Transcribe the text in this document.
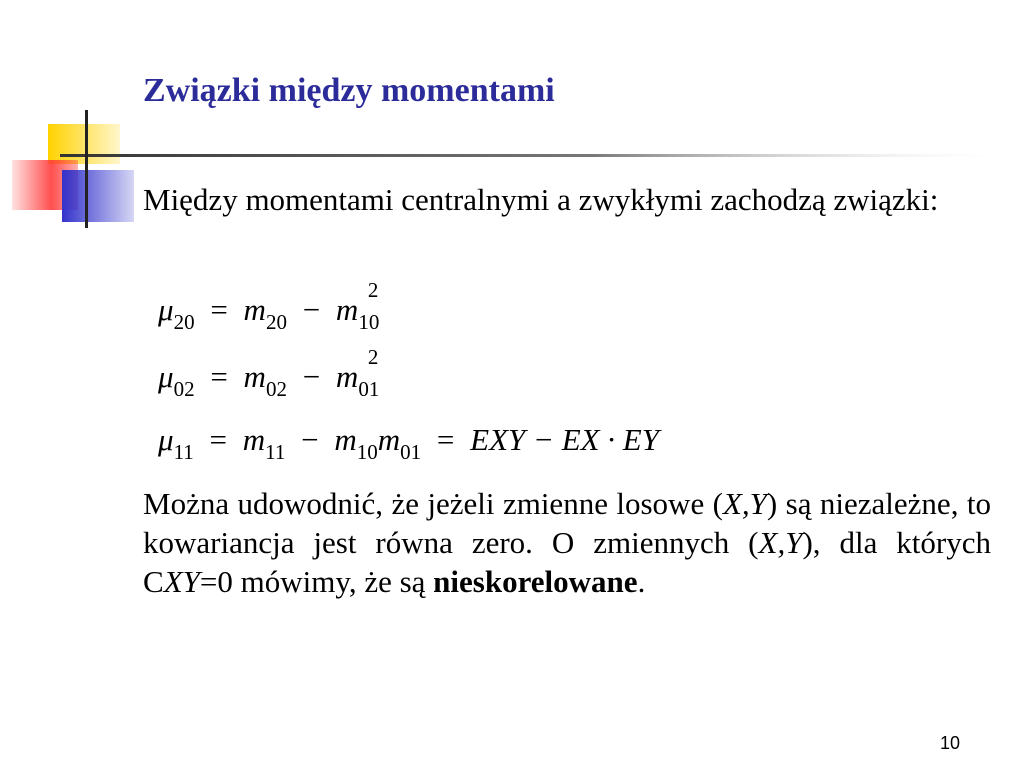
Związki między momentami
Między momentami centralnymi a zwykłymi zachodzą związki:
$\mu_{20} = m_{20} - m_{10}$
2
$\mu_{02} = m_{02} - m_{01}$
2
$\mu_{11} = m_{11} - m_{10}m_{01}$ = EXY − EX · EY
Można udowodnić, że jeżeli zmienne losowe (X,Y) są niezależne, to kowariancja jest równa zero. O zmiennych (X,Y), dla których CXY=0 mówimy, że są nieskorelowane.
10
